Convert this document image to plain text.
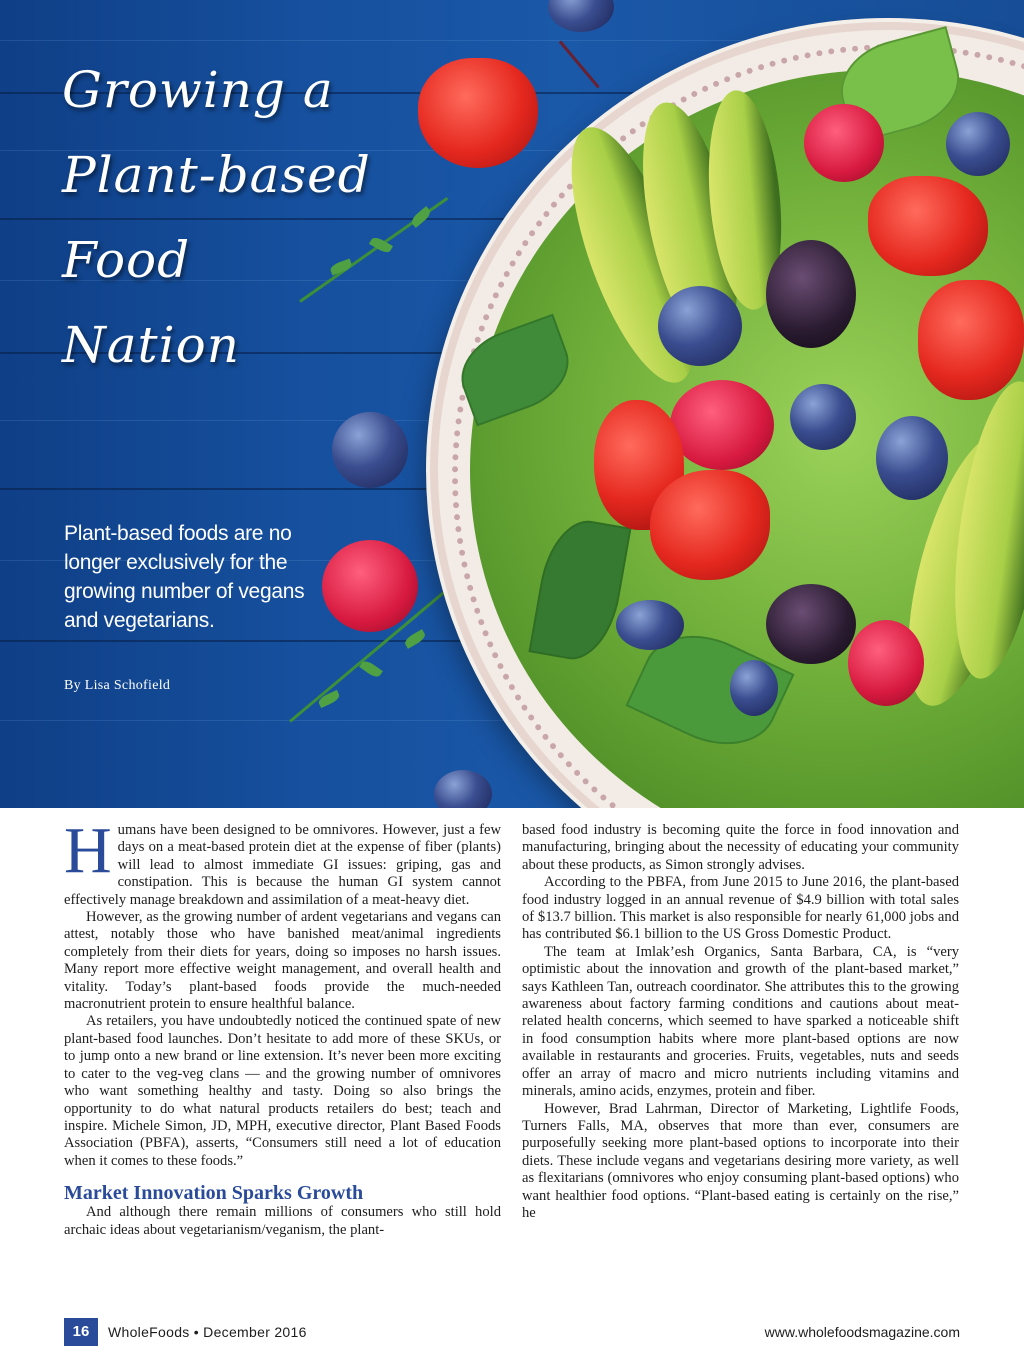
Growing a
Plant-based
Food
Nation

Plant-based foods are no longer exclusively for the growing number of vegans and vegetarians.

By Lisa Schofield

Humans have been designed to be omnivores. However, just a few days on a meat-based protein diet at the expense of fiber (plants) will lead to almost immediate GI issues: griping, gas and constipation. This is because the human GI system cannot effectively manage breakdown and assimilation of a meat-heavy diet.

However, as the growing number of ardent vegetarians and vegans can attest, notably those who have banished meat/animal ingredients completely from their diets for years, doing so imposes no harsh issues. Many report more effective weight management, and overall health and vitality. Today’s plant-based foods provide the much-needed macronutrient protein to ensure healthful balance.

As retailers, you have undoubtedly noticed the continued spate of new plant-based food launches. Don’t hesitate to add more of these SKUs, or to jump onto a new brand or line extension. It’s never been more exciting to cater to the veg-veg clans — and the growing number of omnivores who want something healthy and tasty. Doing so also brings the opportunity to do what natural products retailers do best; teach and inspire. Michele Simon, JD, MPH, executive director, Plant Based Foods Association (PBFA), asserts, “Consumers still need a lot of education when it comes to these foods.”

Market Innovation Sparks Growth

And although there remain millions of consumers who still hold archaic ideas about vegetarianism/veganism, the plant-

based food industry is becoming quite the force in food innovation and manufacturing, bringing about the necessity of educating your community about these products, as Simon strongly advises.

According to the PBFA, from June 2015 to June 2016, the plant-based food industry logged in an annual revenue of $4.9 billion with total sales of $13.7 billion. This market is also responsible for nearly 61,000 jobs and has contributed $6.1 billion to the US Gross Domestic Product.

The team at Imlak’esh Organics, Santa Barbara, CA, is “very optimistic about the innovation and growth of the plant-based market,” says Kathleen Tan, outreach coordinator. She attributes this to the growing awareness about factory farming conditions and cautions about meat-related health concerns, which seemed to have sparked a noticeable shift in food consumption habits where more plant-based options are now available in restaurants and groceries. Fruits, vegetables, nuts and seeds offer an array of macro and micro nutrients including vitamins and minerals, amino acids, enzymes, protein and fiber.

However, Brad Lahrman, Director of Marketing, Lightlife Foods, Turners Falls, MA, observes that more than ever, consumers are purposefully seeking more plant-based options to incorporate into their diets. These include vegans and vegetarians desiring more variety, as well as flexitarians (omnivores who enjoy consuming plant-based options) who want healthier food options. “Plant-based eating is certainly on the rise,” he

16	WholeFoods • December 2016	www.wholefoodsmagazine.com
